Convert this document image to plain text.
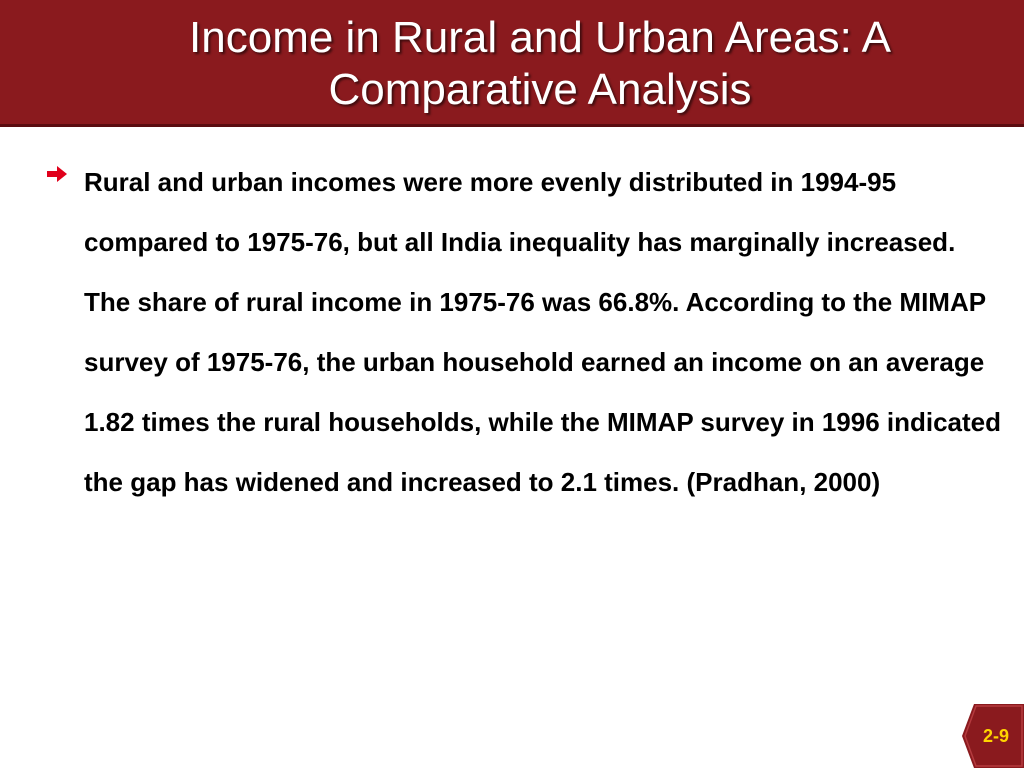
Income in Rural and Urban Areas: A Comparative Analysis

Rural and urban incomes were more evenly distributed in 1994-95 compared to 1975-76, but all India inequality has marginally increased. The share of rural income in 1975-76 was 66.8%. According to the MIMAP survey of 1975-76, the urban household earned an income on an average 1.82 times the rural households, while the MIMAP survey in 1996 indicated the gap has widened and increased to 2.1 times. (Pradhan, 2000)

2-9
